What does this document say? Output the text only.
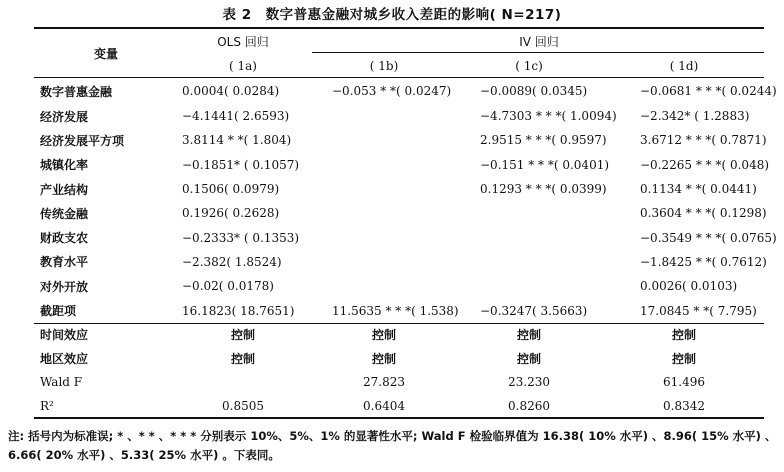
表 2　数字普惠金融对城乡收入差距的影响( N=217)
变量	OLS 回归	IV 回归		
	( 1a)	( 1b)	( 1c)	( 1d)
数字普惠金融	0.0004( 0.0284)	−0.053 * *( 0.0247)	−0.0089( 0.0345)	−0.0681 * * *( 0.0244)
经济发展	−4.1441( 2.6593)		−4.7303 * * *( 1.0094)	−2.342* ( 1.2883)
经济发展平方项	3.8114 * *( 1.804)		2.9515 * * *( 0.9597)	3.6712 * * *( 0.7871)
城镇化率	−0.1851* ( 0.1057)		−0.151 * * *( 0.0401)	−0.2265 * * *( 0.048)
产业结构	0.1506( 0.0979)		0.1293 * * *( 0.0399)	0.1134 * *( 0.0441)
传统金融	0.1926( 0.2628)			0.3604 * * *( 0.1298)
财政支农	−0.2333* ( 0.1353)			−0.3549 * * *( 0.0765)
教育水平	−2.382( 1.8524)			−1.8425 * *( 0.7612)
对外开放	−0.02( 0.0178)			0.0026( 0.0103)
截距项	16.1823( 18.7651)	11.5635 * * *( 1.538)	−0.3247( 3.5663)	17.0845 * *( 7.795)
时间效应	控制	控制	控制	控制
地区效应	控制	控制	控制	控制
Wald F		27.823	23.230	61.496
R²	0.8505	0.6404	0.8260	0.8342
注: 括号内为标准误; * 、* * 、* * * 分别表示 10%、5%、1% 的显著性水平; Wald F 检验临界值为 16.38( 10% 水平) 、8.96( 15% 水平) 、6.66( 20% 水平) 、5.33( 25% 水平) 。下表同。
